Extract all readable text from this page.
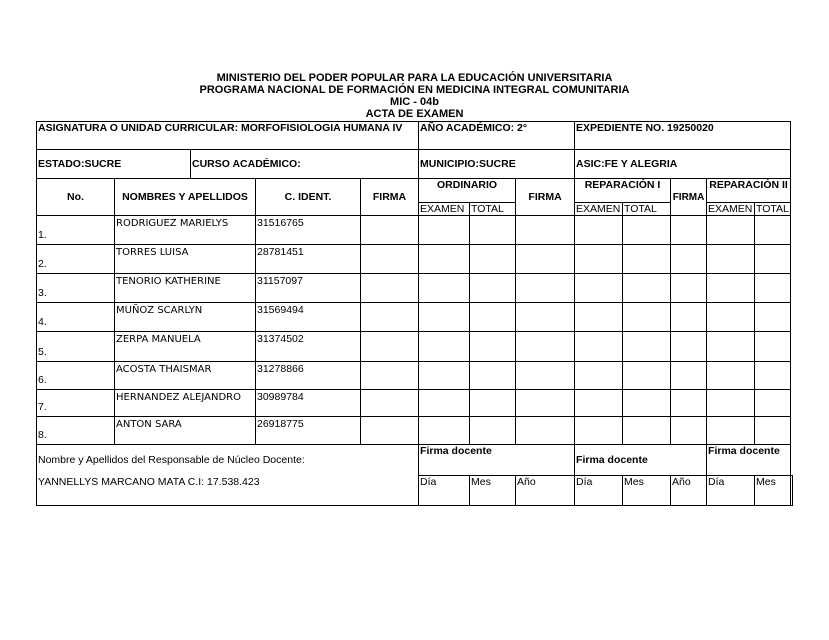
MINISTERIO DEL PODER POPULAR PARA LA EDUCACIÓN UNIVERSITARIA
PROGRAMA NACIONAL DE FORMACIÓN EN MEDICINA INTEGRAL COMUNITARIA
MIC - 04b
ACTA DE EXAMEN
ASIGNATURA O UNIDAD CURRICULAR: MORFOFISIOLOGIA HUMANA IV					AÑO ACADÉMICO: 2°			EXPEDIENTE NO. 19250020					
ESTADO:SUCRE		CURSO ACADÉMICO:			MUNICIPIO:SUCRE			ASIC:FE Y ALEGRIA					
No.	NOMBRES Y APELLIDOS		C. IDENT.	FIRMA	ORDINARIO		FIRMA	REPARACIÓN I		FIRMA	REPARACIÓN II		
					EXAMEN	TOTAL		EXAMEN	TOTAL		EXAMEN	TOTAL	
1.	RODRIGUEZ MARIELYS		31516765										
2.	TORRES LUISA		28781451										
3.	TENORIO KATHERINE		31157097										
4.	MUÑOZ SCARLYN		31569494										
5.	ZERPA MANUELA		31374502										
6.	ACOSTA THAISMAR		31278866										
7.	HERNANDEZ ALEJANDRO		30989784										
8.	ANTON SARA		26918775										
Nombre y Apellidos del Responsable de Núcleo Docente:					Firma docente			Firma docente			Firma docente		
YANNELLYS MARCANO MATA C.I: 17.538.423					Día	Mes	Año	Día	Mes	Año	Día	Mes	
